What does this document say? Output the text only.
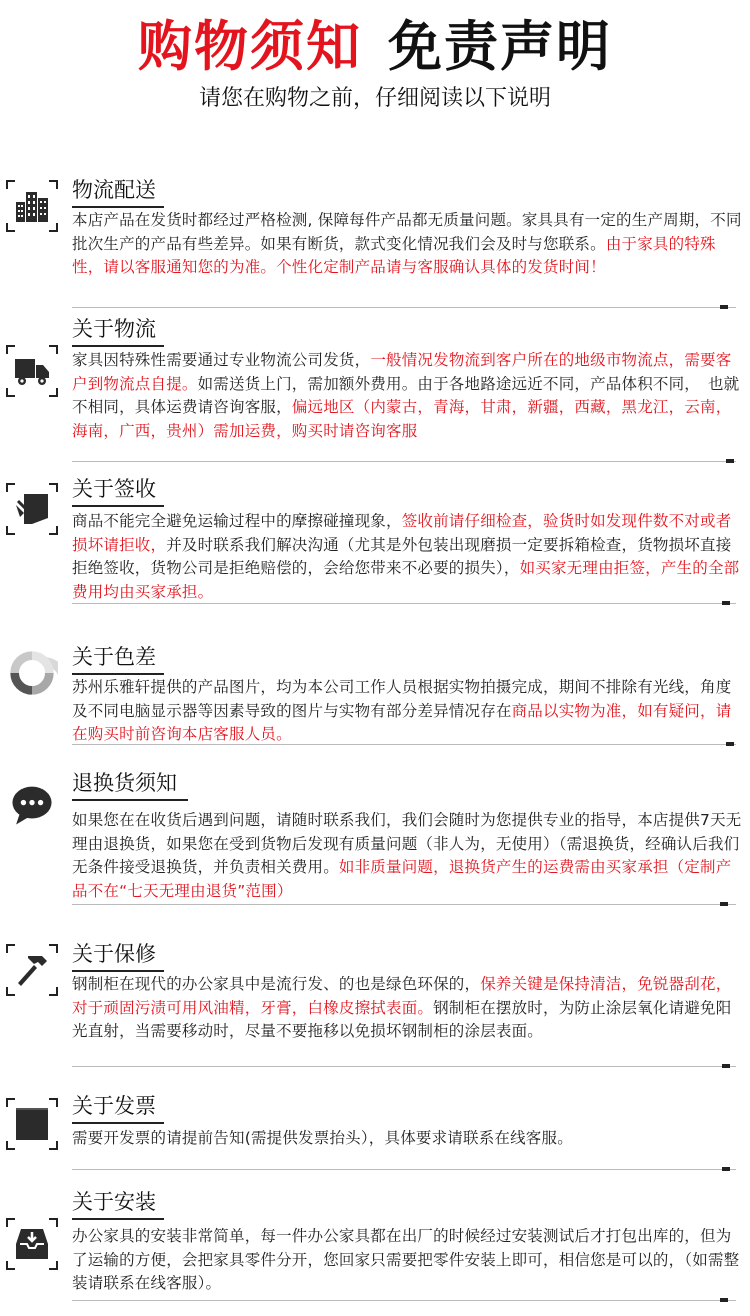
购物须知 免责声明
请您在购物之前，仔细阅读以下说明
物流配送
本店产品在发货时都经过严格检测, 保障每件产品都无质量问题。家具具有一定的生产周期，不同批次生产的产品有些差异。如果有断货，款式变化情况我们会及时与您联系。由于家具的特殊性，请以客服通知您的为准。个性化定制产品请与客服确认具体的发货时间！
关于物流
家具因特殊性需要通过专业物流公司发货，一般情况发物流到客户所在的地级市物流点，需要客户到物流点自提。如需送货上门，需加额外费用。由于各地路途远近不同，产品体积不同，　也就不相同，具体运费请咨询客服，偏远地区（内蒙古，青海，甘肃，新疆，西藏，黑龙江，云南，海南，广西，贵州）需加运费，购买时请咨询客服
关于签收
商品不能完全避免运输过程中的摩擦碰撞现象，签收前请仔细检查，验货时如发现件数不对或者损坏请拒收，并及时联系我们解决沟通（尤其是外包装出现磨损一定要拆箱检查，货物损坏直接拒绝签收，货物公司是拒绝赔偿的，会给您带来不必要的损失），如买家无理由拒签，产生的全部费用均由买家承担。
关于色差
苏州乐雅轩提供的产品图片，均为本公司工作人员根据实物拍摄完成，期间不排除有光线，角度及不同电脑显示器等因素导致的图片与实物有部分差异情况存在商品以实物为准，如有疑问，请在购买时前咨询本店客服人员。
退换货须知
如果您在在收货后遇到问题，请随时联系我们，我们会随时为您提供专业的指导，本店提供7天无理由退换货，如果您在受到货物后发现有质量问题（非人为，无使用）（需退换货，经确认后我们无条件接受退换货，并负责相关费用。如非质量问题，退换货产生的运费需由买家承担（定制产品不在“七天无理由退货”范围）
关于保修
钢制柜在现代的办公家具中是流行发、的也是绿色环保的，保养关键是保持清洁，免锐器刮花，对于顽固污渍可用风油精，牙膏，白橡皮擦拭表面。钢制柜在摆放时，为防止涂层氧化请避免阳光直射，当需要移动时，尽量不要拖移以免损坏钢制柜的涂层表面。
关于发票
需要开发票的请提前告知(需提供发票抬头），具体要求请联系在线客服。
关于安装
办公家具的安装非常简单，每一件办公家具都在出厂的时候经过安装测试后才打包出库的，但为了运输的方便，会把家具零件分开，您回家只需要把零件安装上即可，相信您是可以的，（如需整装请联系在线客服）。
